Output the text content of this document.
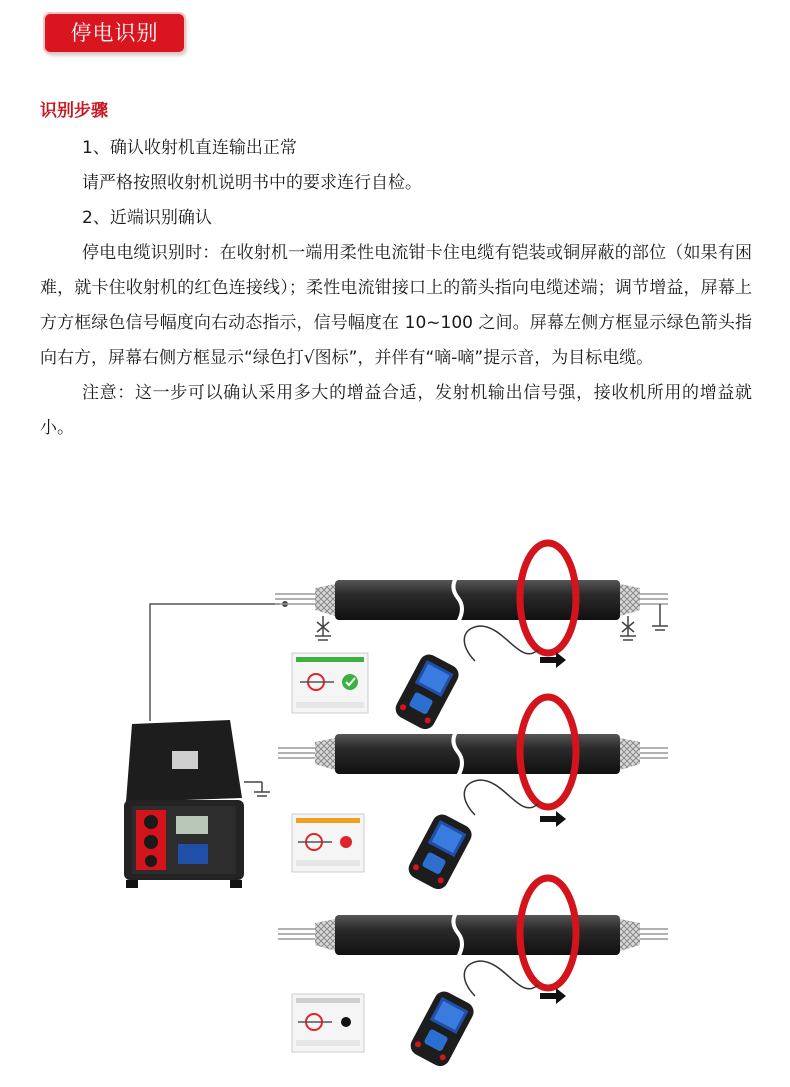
停电识别
识别步骤

1、确认收射机直连输出正常

请严格按照收射机说明书中的要求连行自检。

2、近端识别确认

停电电缆识别时：在收射机一端用柔性电流钳卡住电缆有铠装或铜屏蔽的部位（如果有困难，就卡住收射机的红色连接线）；柔性电流钳接口上的箭头指向电缆述端；调节增益，屏幕上方方框绿色信号幅度向右动态指示，信号幅度在 10~100 之间。屏幕左侧方框显示绿色箭头指向右方，屏幕右侧方框显示“绿色打√图标”，并伴有“嘀-嘀”提示音，为目标电缆。

注意：这一步可以确认采用多大的增益合适，发射机输出信号强，接收机所用的增益就小。
